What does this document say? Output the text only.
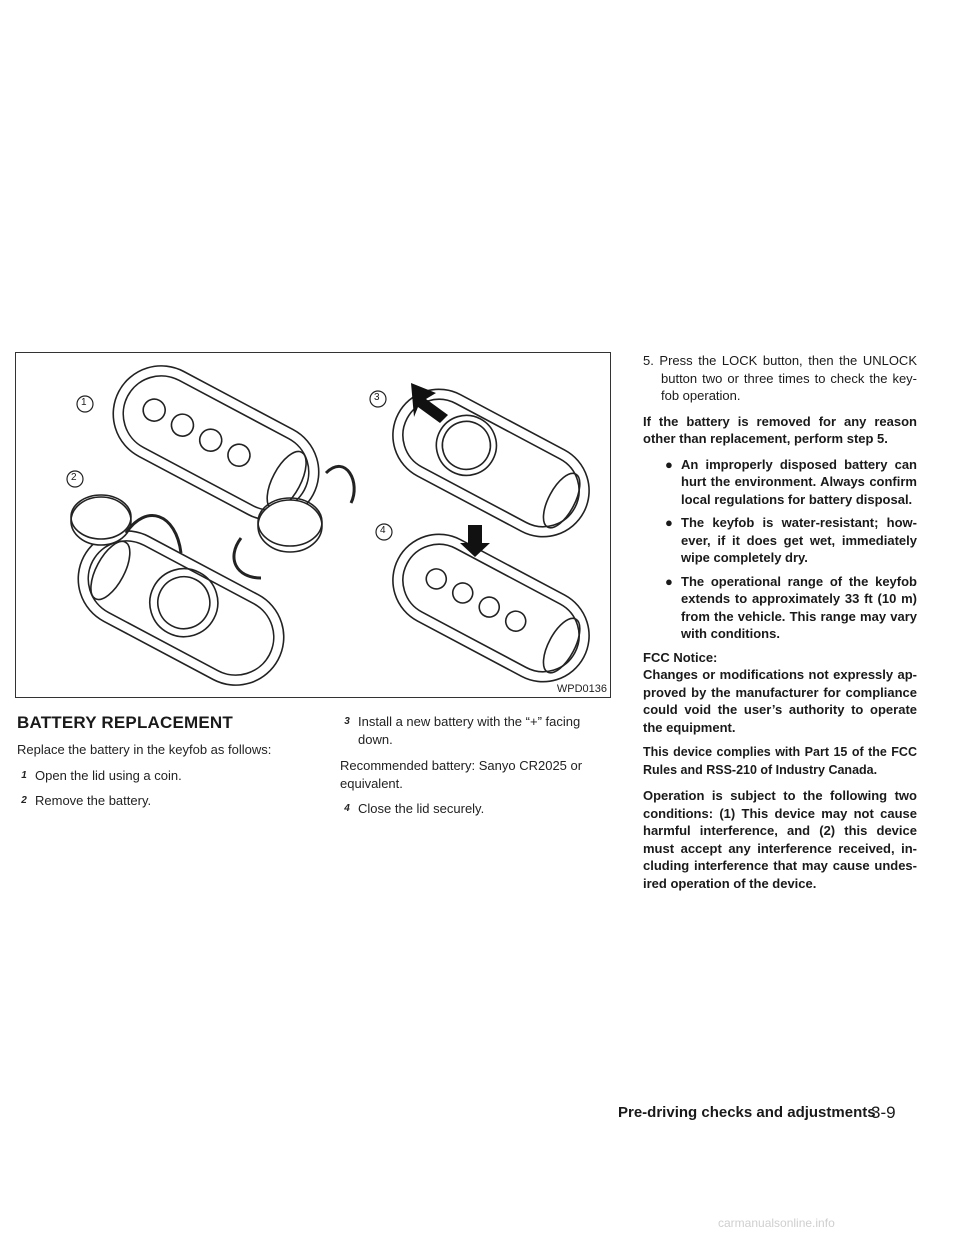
1
2
3
4
WPD0136
BATTERY REPLACEMENT
Replace the battery in the keyfob as follows:
1 Open the lid using a coin.
2 Remove the battery.
3 Install a new battery with the “+” facing
down.
Recommended battery: Sanyo CR2025 or
equivalent.
4 Close the lid securely.

5. Press the LOCK button, then the UNLOCK button two or three times to check the key-fob operation.

If the battery is removed for any reason other than replacement, perform step 5.

● An improperly disposed battery can hurt the environment. Always confirm local regulations for battery disposal.
● The keyfob is water-resistant; how-ever, if it does get wet, immediately wipe completely dry.
● The operational range of the keyfob extends to approximately 33 ft (10 m) from the vehicle. This range may vary with conditions.

FCC Notice:

Changes or modifications not expressly ap-proved by the manufacturer for compliance could void the user’s authority to operate the equipment.

This device complies with Part 15 of the FCC Rules and RSS-210 of Industry Canada.

Operation is subject to the following two conditions: (1) This device may not cause harmful interference, and (2) this device must accept any interference received, in-cluding interference that may cause undes-ired operation of the device.

Pre-driving checks and adjustments
3-9
carmanualsonline.info
